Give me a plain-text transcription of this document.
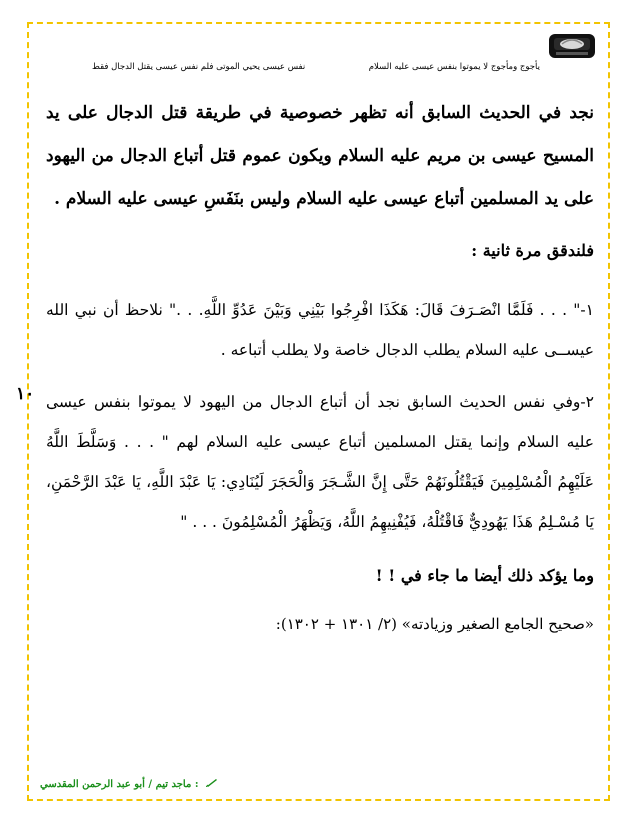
يأجوج ومأجوج لا يموتوا بنفس عيسى عليه السلام
نفس عيسى يحيي الموتى فلم نفس عيسى يقتل الدجال فقط

نجد في الحديث السابق أنه تظهر خصوصية في طريقة قتل الدجال على يد المسيح عيسى بن مريم عليه السلام ويكون عموم قتل أتباع الدجال من اليهود على يد المسلمين أتباع عيسى عليه السلام وليس بنَفَسِ عيسى عليه السلام .

فلندقق مرة ثانية :

١-" . . . فَلَمَّا انْصَـرَفَ قَالَ: هَكَذَا افْرِجُوا بَيْنِي وَبَيْنَ عَدُوِّ اللَّهِ. . ." نلاحظ أن نبي الله عيســى عليه السلام يطلب الدجال خاصة ولا يطلب أتباعه .

٢-وفي نفس الحديث السابق نجد أن أتباع الدجال من اليهود لا يموتوا بنفس عيسى عليه السلام وإنما يقتل المسلمين أتباع عيسى عليه السلام لهم " . . . وَسَلَّطَ اللَّهُ عَلَيْهِمُ الْمُسْلِمِينَ فَيَقْتُلُونَهُمْ حَتَّى إِنَّ الشَّـجَرَ وَالْحَجَرَ لَيُنَادِي: يَا عَبْدَ اللَّهِ، يَا عَبْدَ الرَّحْمَنِ، يَا مُسْـلِمُ هَذَا يَهُودِيٌّ فَاقْتُلْهُ، فَيُفْنِيهِمُ اللَّهُ، وَيَظْهَرُ الْمُسْلِمُونَ . . . "

وما يؤكد ذلك أيضا ما جاء في ! !

«صحيح الجامع الصغير وزيادته» (٢/ ١٣٠١ + ١٣٠٢):

١٠
: ماجد تيم / أبو عبد الرحمن المقدسي
